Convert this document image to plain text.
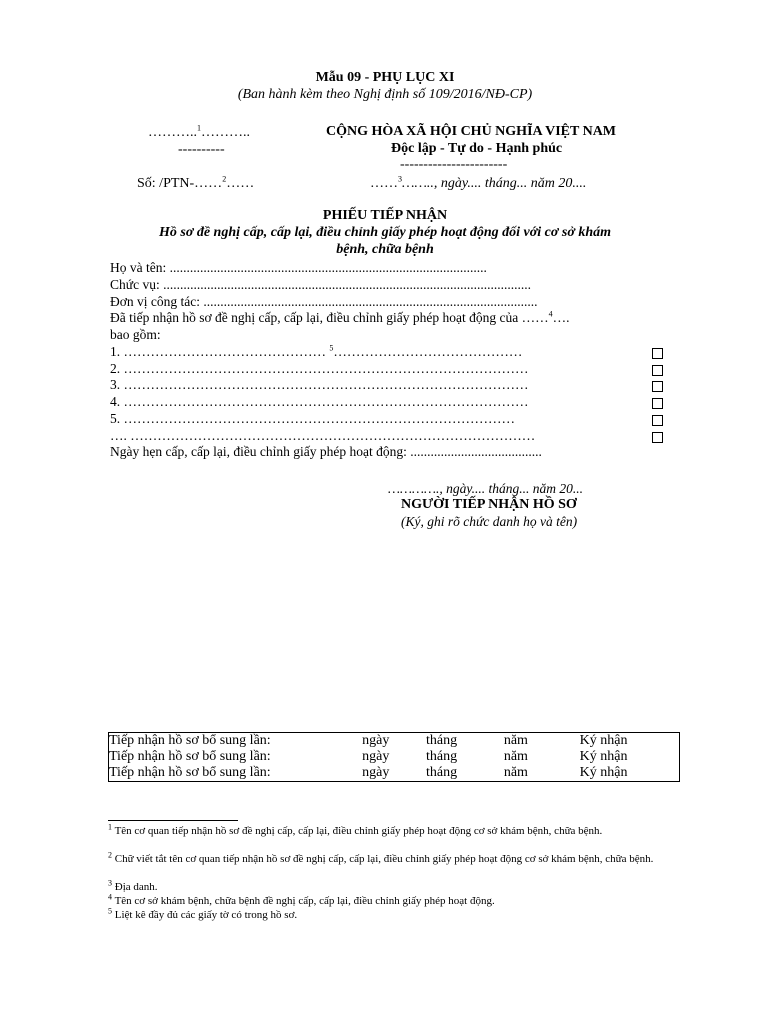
Mẫu 09 - PHỤ LỤC XI
(Ban hành kèm theo Nghị định số 109/2016/NĐ-CP)
………..$^1$………..
----------
CỘNG HÒA XÃ HỘI CHỦ NGHĨA VIỆT NAM
Độc lập - Tự do - Hạnh phúc
-----------------------
Số: /PTN-……$^2$……	……$^3$…….., ngày.... tháng... năm 20....
PHIẾU TIẾP NHẬN
Hồ sơ đề nghị cấp, cấp lại, điều chỉnh giấy phép hoạt động đối với cơ sở khám
bệnh, chữa bệnh
Họ và tên: ..............................................................................................
Chức vụ: .............................................................................................................
Đơn vị công tác: ...................................................................................................
Đã tiếp nhận hồ sơ đề nghị cấp, cấp lại, điều chỉnh giấy phép hoạt động của ……$^4$….
bao gồm:
1. ……………………………………… $^5$……………………………………
2. ………………………………………………………………………………
3. ………………………………………………………………………………
4. ………………………………………………………………………………
5. ……………………………………………………………………………
…. ………………………………………………………………………………
Ngày hẹn cấp, cấp lại, điều chỉnh giấy phép hoạt động: .......................................
…………., ngày.... tháng... năm 20...
NGƯỜI TIẾP NHẬN HỒ SƠ
(Ký, ghi rõ chức danh họ và tên)
Tiếp nhận hồ sơ bổ sung lần:	ngày	tháng	năm	Ký nhận
Tiếp nhận hồ sơ bổ sung lần:	ngày	tháng	năm	Ký nhận
Tiếp nhận hồ sơ bổ sung lần:	ngày	tháng	năm	Ký nhận
$^1$ Tên cơ quan tiếp nhận hồ sơ đề nghị cấp, cấp lại, điều chỉnh giấy phép hoạt động cơ sở khám bệnh, chữa bệnh.
$^2$ Chữ viết tắt tên cơ quan tiếp nhận hồ sơ đề nghị cấp, cấp lại, điều chỉnh giấy phép hoạt động cơ sở khám bệnh, chữa bệnh.
$^3$ Địa danh.
$^4$ Tên cơ sở khám bệnh, chữa bệnh đề nghị cấp, cấp lại, điều chỉnh giấy phép hoạt động.
$^5$ Liệt kê đầy đủ các giấy tờ có trong hồ sơ.
